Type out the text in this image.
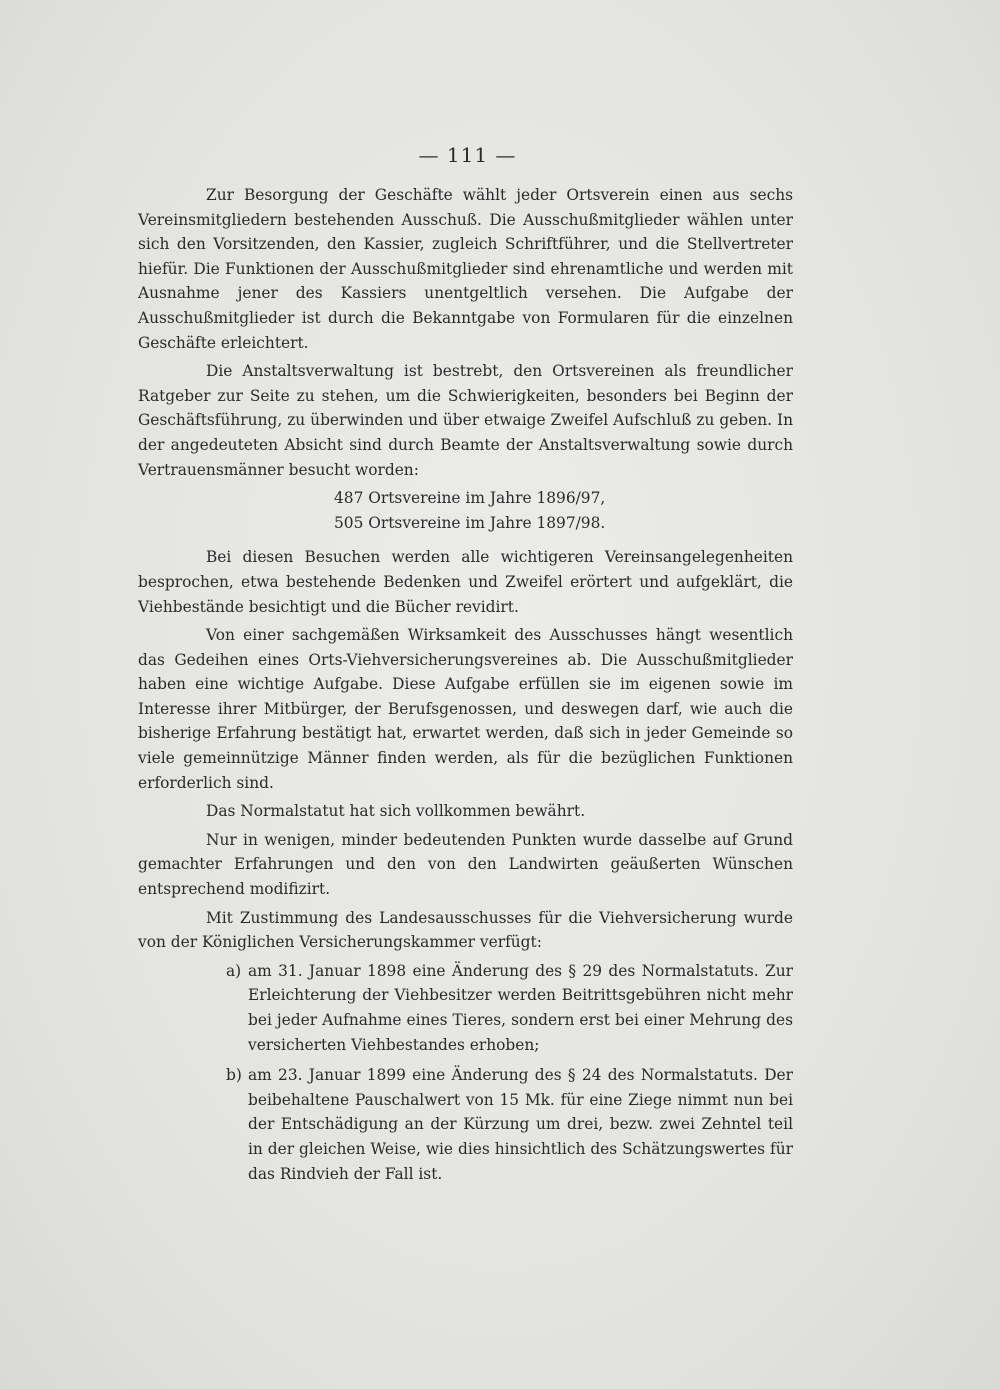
— 111 —

Zur Besorgung der Geschäfte wählt jeder Ortsverein einen aus sechs Vereinsmitgliedern bestehenden Ausschuß. Die Ausschußmitglieder wählen unter sich den Vorsitzenden, den Kassier, zugleich Schriftführer, und die Stellvertreter hiefür. Die Funktionen der Ausschußmitglieder sind ehrenamtliche und werden mit Ausnahme jener des Kassiers unentgeltlich versehen. Die Aufgabe der Ausschußmitglieder ist durch die Bekanntgabe von Formularen für die einzelnen Geschäfte erleichtert.

Die Anstaltsverwaltung ist bestrebt, den Ortsvereinen als freundlicher Ratgeber zur Seite zu stehen, um die Schwierigkeiten, besonders bei Beginn der Geschäftsführung, zu überwinden und über etwaige Zweifel Aufschluß zu geben. In der angedeuteten Absicht sind durch Beamte der Anstaltsverwaltung sowie durch Vertrauensmänner besucht worden:

487 Ortsvereine im Jahre 1896/97,
505 Ortsvereine im Jahre 1897/98.

Bei diesen Besuchen werden alle wichtigeren Vereinsangelegenheiten besprochen, etwa bestehende Bedenken und Zweifel erörtert und aufgeklärt, die Viehbestände besichtigt und die Bücher revidirt.

Von einer sachgemäßen Wirksamkeit des Ausschusses hängt wesentlich das Gedeihen eines Orts-Viehversicherungsvereines ab. Die Ausschußmitglieder haben eine wichtige Aufgabe. Diese Aufgabe erfüllen sie im eigenen sowie im Interesse ihrer Mitbürger, der Berufsgenossen, und deswegen darf, wie auch die bisherige Erfahrung bestätigt hat, erwartet werden, daß sich in jeder Gemeinde so viele gemeinnützige Männer finden werden, als für die bezüglichen Funktionen erforderlich sind.

Das Normalstatut hat sich vollkommen bewährt.

Nur in wenigen, minder bedeutenden Punkten wurde dasselbe auf Grund gemachter Erfahrungen und den von den Landwirten geäußerten Wünschen entsprechend modifizirt.

Mit Zustimmung des Landesausschusses für die Viehversicherung wurde von der Königlichen Versicherungskammer verfügt:

a) am 31. Januar 1898 eine Änderung des § 29 des Normalstatuts. Zur Erleichterung der Viehbesitzer werden Beitrittsgebühren nicht mehr bei jeder Aufnahme eines Tieres, sondern erst bei einer Mehrung des versicherten Viehbestandes erhoben;
b) am 23. Januar 1899 eine Änderung des § 24 des Normalstatuts. Der beibehaltene Pauschalwert von 15 Mk. für eine Ziege nimmt nun bei der Entschädigung an der Kürzung um drei, bezw. zwei Zehntel teil in der gleichen Weise, wie dies hinsichtlich des Schätzungswertes für das Rindvieh der Fall ist.
